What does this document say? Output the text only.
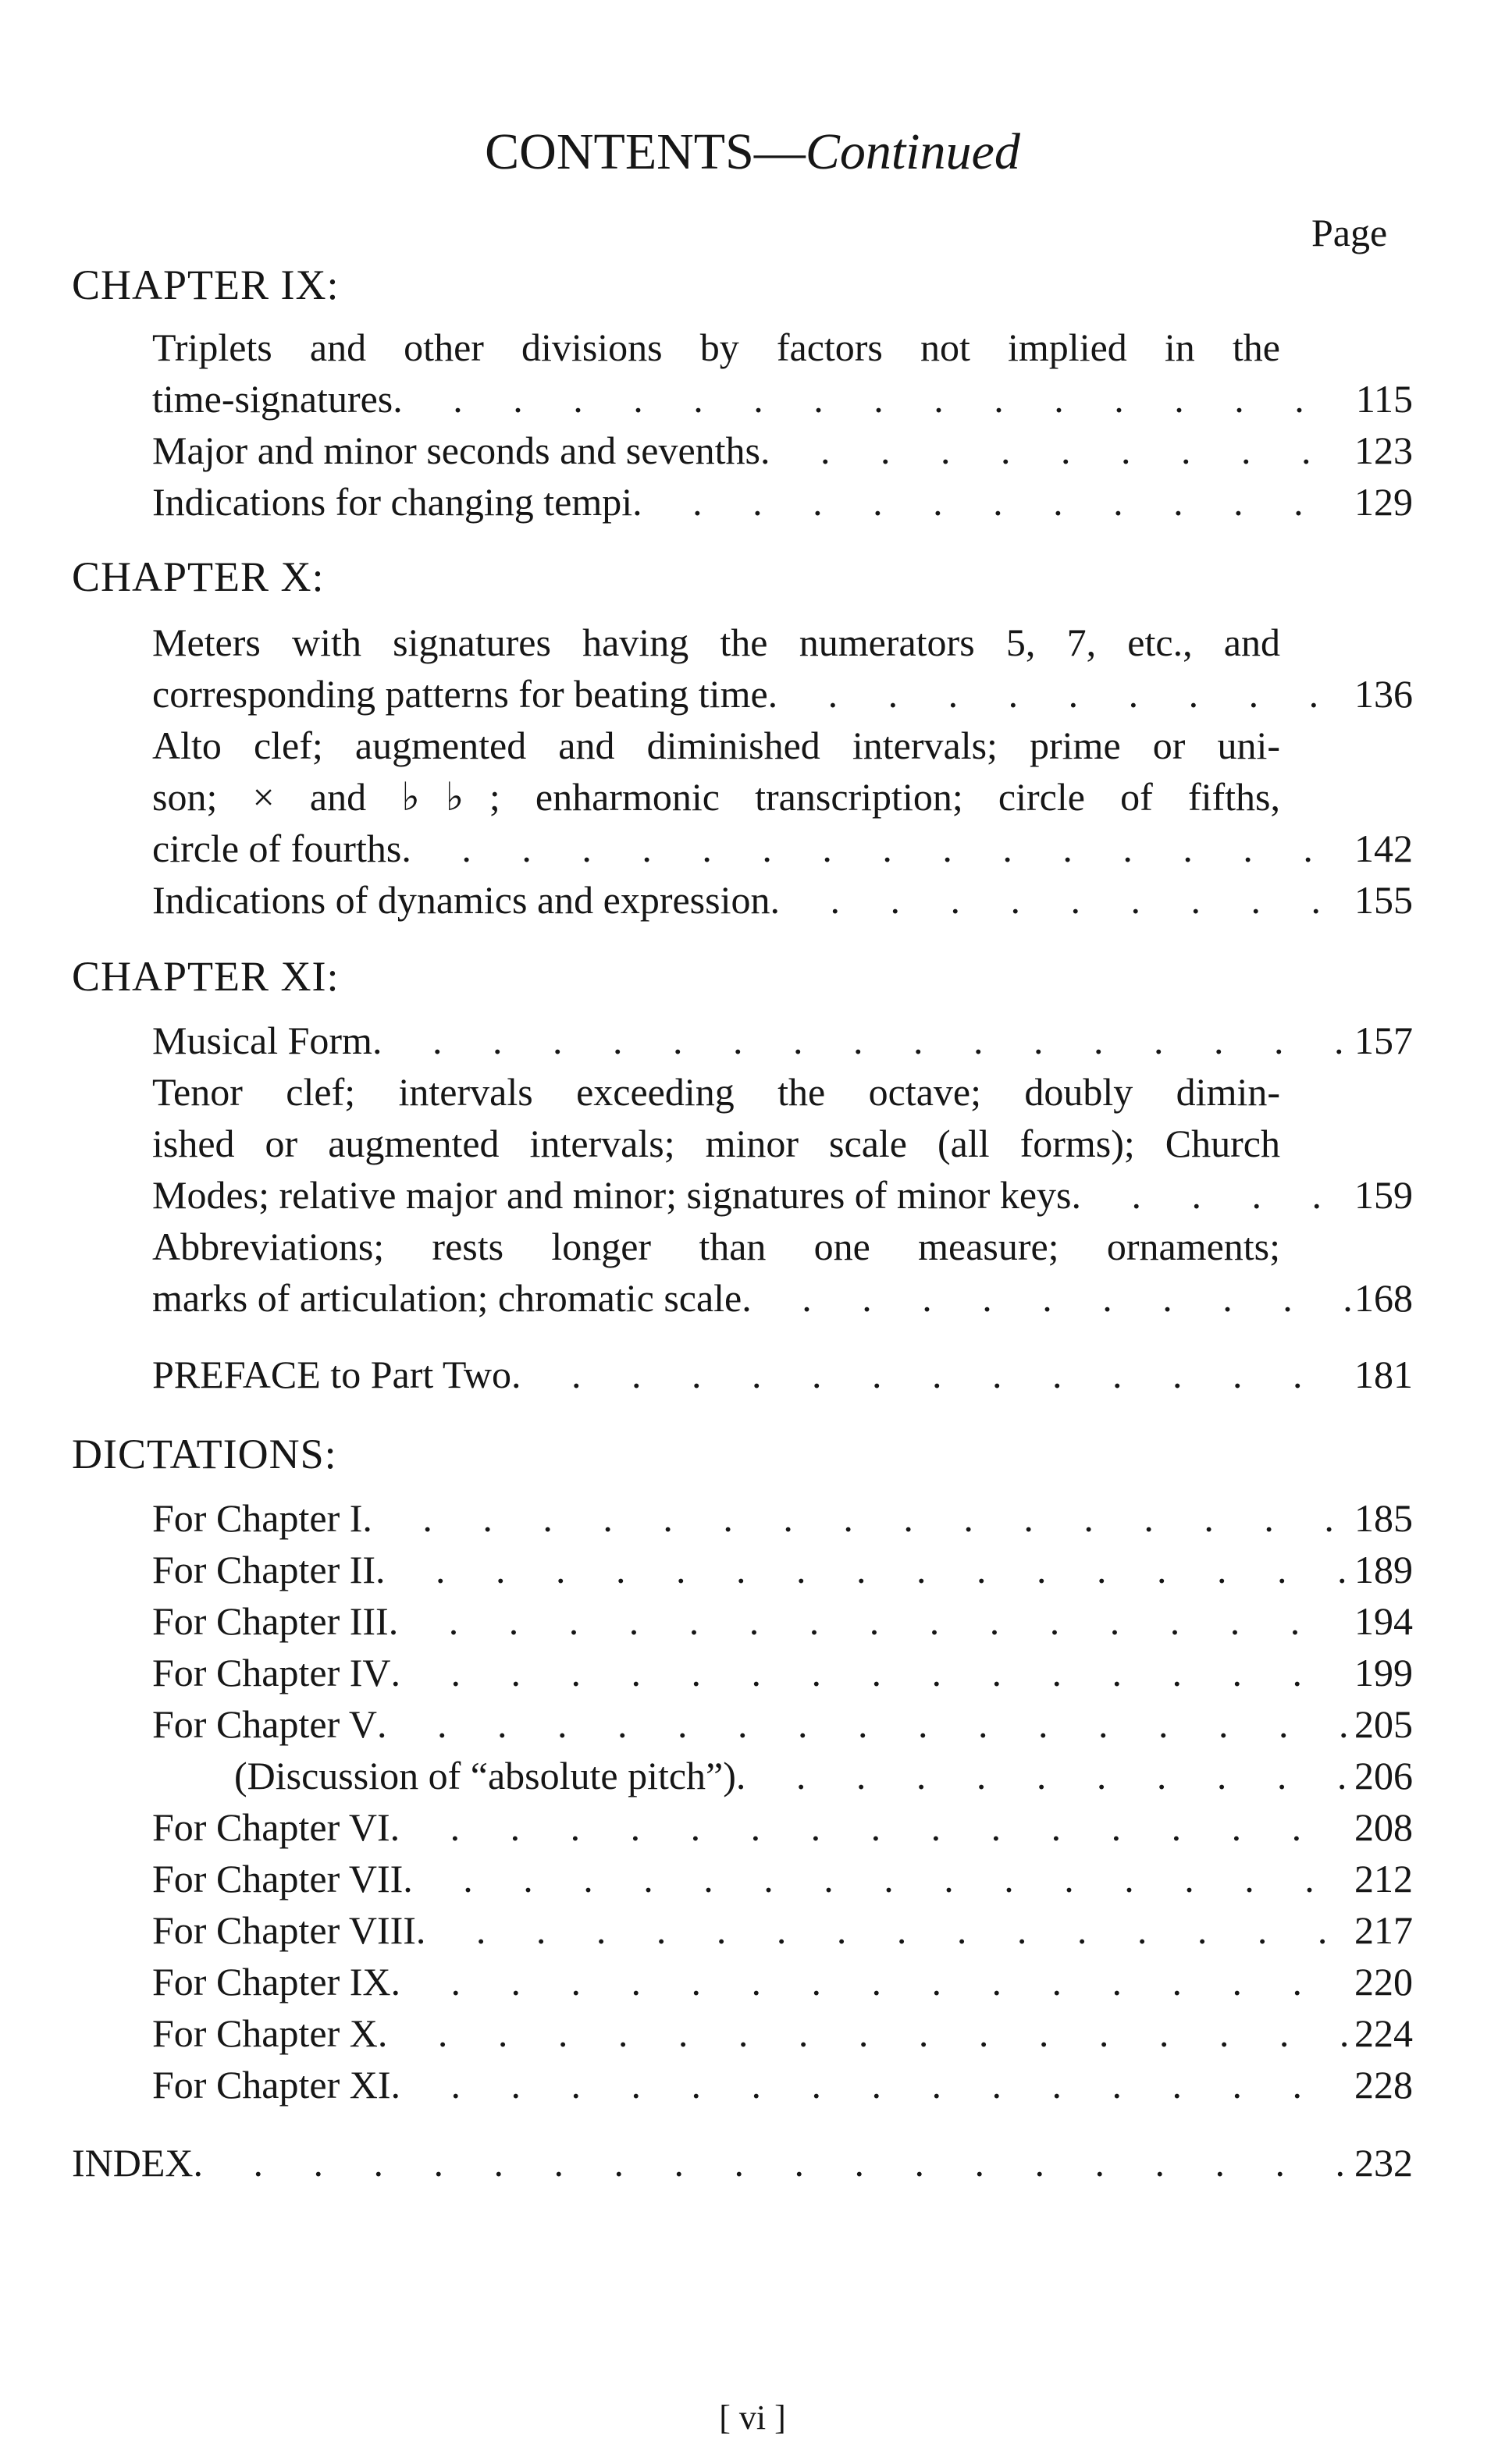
CONTENTS—Continued
Page
CHAPTER IX:
Triplets and other divisions by factors not implied in the
time-signatures . . .	115
Major and minor seconds and sevenths . . .	123
Indications for changing tempi . . .	129
CHAPTER X:
Meters with signatures having the numerators 5, 7, etc., and
corresponding patterns for beating time . . .	136
Alto clef; augmented and diminished intervals; prime or uni-
son; × and ♭♭; enharmonic transcription; circle of fifths,
circle of fourths . . .	142
Indications of dynamics and expression . . .	155
CHAPTER XI:
Musical Form . . .	157
Tenor clef; intervals exceeding the octave; doubly dimin-
ished or augmented intervals; minor scale (all forms); Church
Modes; relative major and minor; signatures of minor keys . . .	159
Abbreviations; rests longer than one measure; ornaments;
marks of articulation; chromatic scale . . .	168
PREFACE to Part Two . . .	181
DICTATIONS:
For Chapter I . . .	185
For Chapter II . . .	189
For Chapter III . . .	194
For Chapter IV . . .	199
For Chapter V . . .	205
(Discussion of “absolute pitch”) . . .	206
For Chapter VI . . .	208
For Chapter VII . . .	212
For Chapter VIII . . .	217
For Chapter IX . . .	220
For Chapter X . . .	224
For Chapter XI . . .	228
INDEX . . .	232
[ vi ]
